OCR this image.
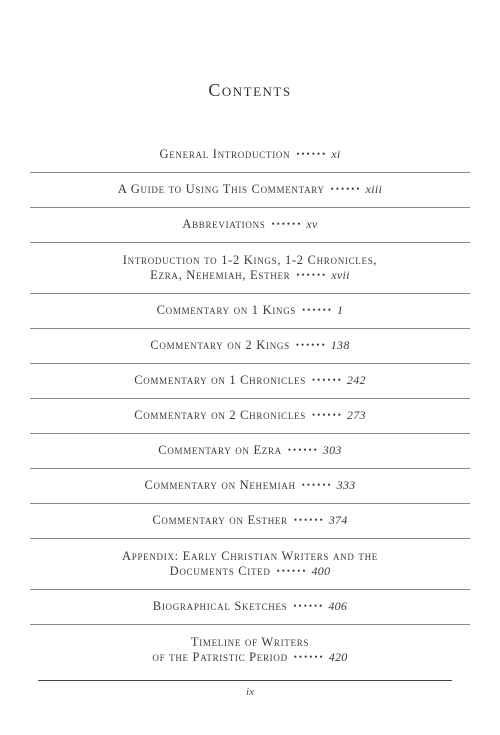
Contents
General Introduction •••••• xi
A Guide to Using This Commentary •••••• xiii
Abbreviations •••••• xv
Introduction to 1-2 Kings, 1-2 Chronicles,
Ezra, Nehemiah, Esther •••••• xvii
Commentary on 1 Kings •••••• 1
Commentary on 2 Kings •••••• 138
Commentary on 1 Chronicles •••••• 242
Commentary on 2 Chronicles •••••• 273
Commentary on Ezra •••••• 303
Commentary on Nehemiah •••••• 333
Commentary on Esther •••••• 374
Appendix: Early Christian Writers and the
Documents Cited •••••• 400
Biographical Sketches •••••• 406
Timeline of Writers
of the Patristic Period •••••• 420
ix
